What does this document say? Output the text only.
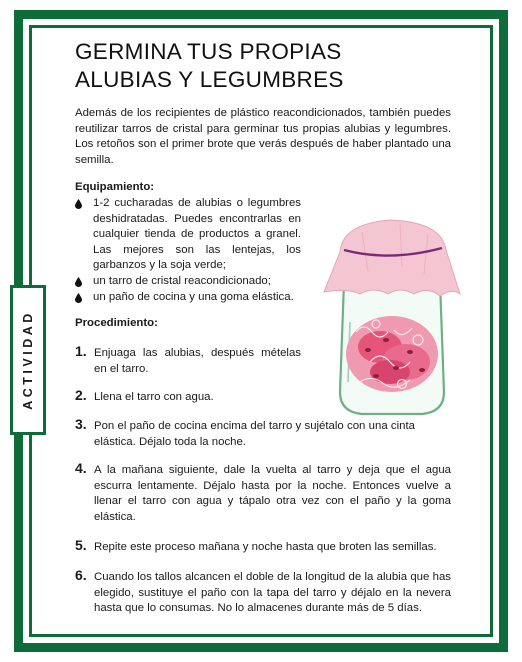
ACTIVIDAD
GERMINA TUS PROPIAS
ALUBIAS Y LEGUMBRES

Además de los recipientes de plástico reacondicionados, también puedes reutilizar tarros de cristal para germinar tus propias alubias y legumbres. Los retoños son el primer brote que verás después de haber plantado una semilla.

Equipamiento:

1-2 cucharadas de alubias o legumbres deshidratadas. Puedes encontrarlas en cualquier tienda de productos a granel. Las mejores son las lentejas, los garbanzos y la soja verde;
un tarro de cristal reacondicionado;
un paño de cocina y una goma elástica.

Procedimiento:

1. Enjuaga las alubias, después mételas en el tarro.
2. Llena el tarro con agua.
3. Pon el paño de cocina encima del tarro y sujétalo con una cinta elástica. Déjalo toda la noche.
4. A la mañana siguiente, dale la vuelta al tarro y deja que el agua escurra lentamente. Déjalo hasta por la noche. Entonces vuelve a llenar el tarro con agua y tápalo otra vez con el paño y la goma elástica.
5. Repite este proceso mañana y noche hasta que broten las semillas.
6. Cuando los tallos alcancen el doble de la longitud de la alubia que has elegido, sustituye el paño con la tapa del tarro y déjalo en la nevera hasta que lo consumas. No lo almacenes durante más de 5 días.
